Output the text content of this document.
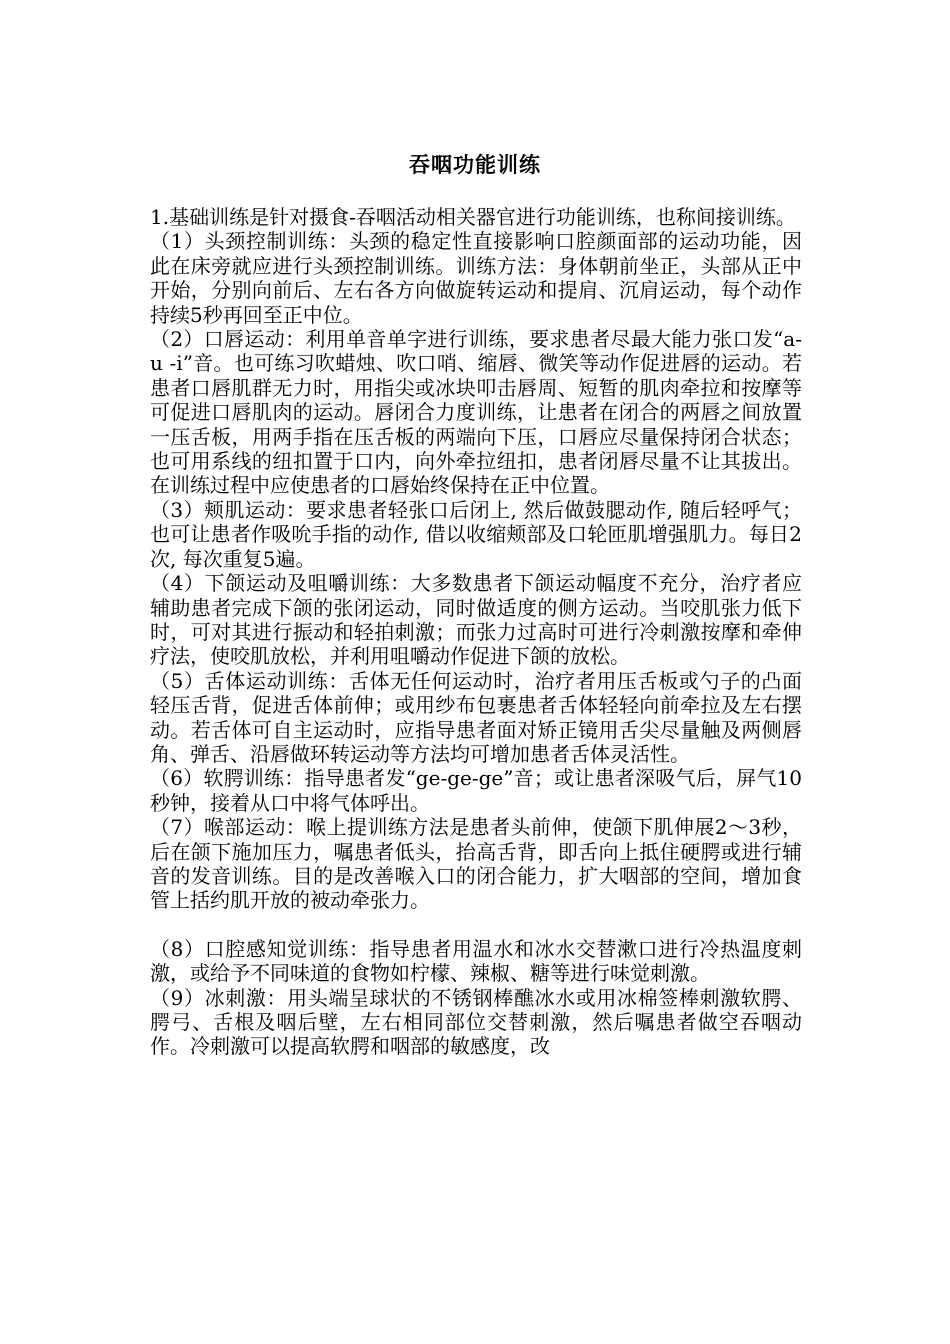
吞咽功能训练

1.基础训练是针对摄食-吞咽活动相关器官进行功能训练，也称间接训练。

（1）头颈控制训练：头颈的稳定性直接影响口腔颜面部的运动功能，因此在床旁就应进行头颈控制训练。训练方法：身体朝前坐正，头部从正中开始，分别向前后、左右各方向做旋转运动和提肩、沉肩运动，每个动作持续5秒再回至正中位。

（2）口唇运动：利用单音单字进行训练，要求患者尽最大能力张口发“a- u -i”音。也可练习吹蜡烛、吹口哨、缩唇、微笑等动作促进唇的运动。若患者口唇肌群无力时，用指尖或冰块叩击唇周、短暂的肌肉牵拉和按摩等可促进口唇肌肉的运动。唇闭合力度训练，让患者在闭合的两唇之间放置一压舌板，用两手指在压舌板的两端向下压，口唇应尽量保持闭合状态；也可用系线的纽扣置于口内，向外牵拉纽扣，患者闭唇尽量不让其拔出。在训练过程中应使患者的口唇始终保持在正中位置。

（3）颊肌运动：要求患者轻张口后闭上, 然后做鼓腮动作, 随后轻呼气；也可让患者作吸吮手指的动作, 借以收缩颊部及口轮匝肌增强肌力。每日2次, 每次重复5遍。

（4）下颌运动及咀嚼训练：大多数患者下颌运动幅度不充分，治疗者应辅助患者完成下颌的张闭运动，同时做适度的侧方运动。当咬肌张力低下时，可对其进行振动和轻拍刺激；而张力过高时可进行冷刺激按摩和牵伸疗法，使咬肌放松，并利用咀嚼动作促进下颌的放松。

（5）舌体运动训练：舌体无任何运动时，治疗者用压舌板或勺子的凸面轻压舌背，促进舌体前伸；或用纱布包裹患者舌体轻轻向前牵拉及左右摆动。若舌体可自主运动时，应指导患者面对矫正镜用舌尖尽量触及两侧唇角、弹舌、沿唇做环转运动等方法均可增加患者舌体灵活性。

（6）软腭训练：指导患者发“ge-ge-ge”音；或让患者深吸气后，屏气10秒钟，接着从口中将气体呼出。

（7）喉部运动：喉上提训练方法是患者头前伸，使颌下肌伸展2～3秒，后在颌下施加压力，嘱患者低头，抬高舌背，即舌向上抵住硬腭或进行辅音的发音训练。目的是改善喉入口的闭合能力，扩大咽部的空间，增加食管上括约肌开放的被动牵张力。

（8）口腔感知觉训练：指导患者用温水和冰水交替漱口进行冷热温度刺激，或给予不同味道的食物如柠檬、辣椒、糖等进行味觉刺激。

（9）冰刺激：用头端呈球状的不锈钢棒醮冰水或用冰棉签棒刺激软腭、腭弓、舌根及咽后壁，左右相同部位交替刺激，然后嘱患者做空吞咽动作。冷刺激可以提高软腭和咽部的敏感度，改
